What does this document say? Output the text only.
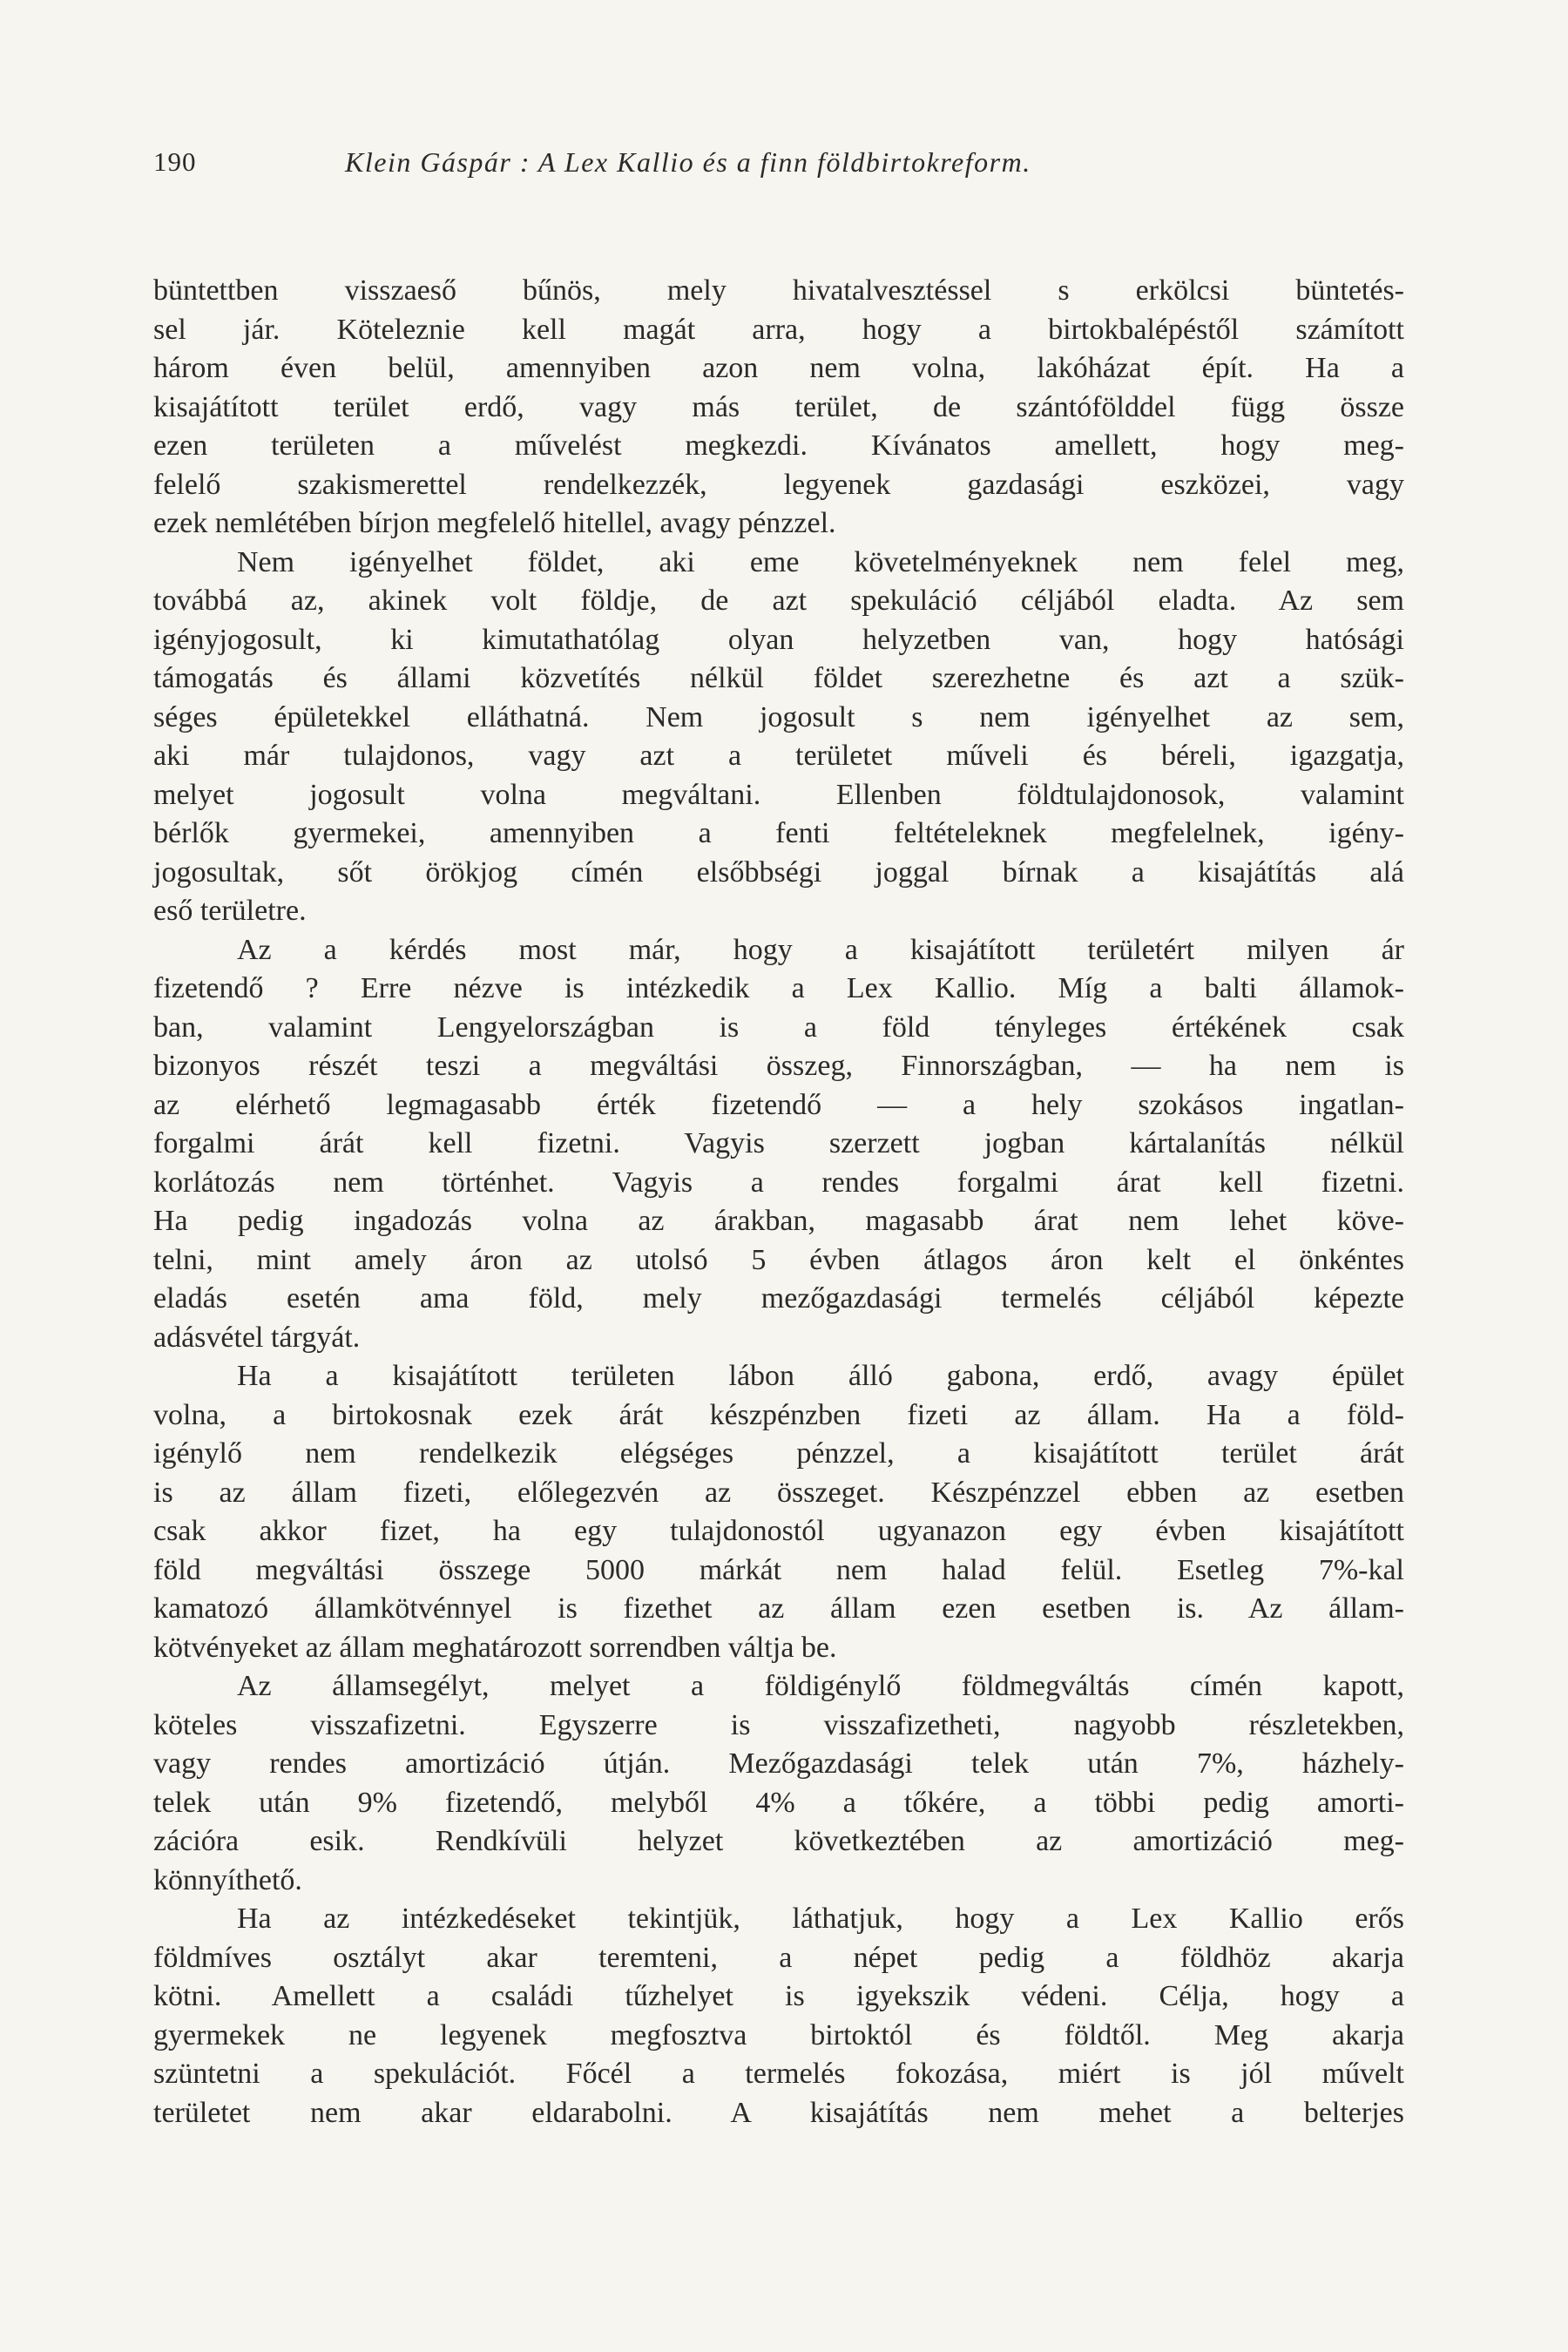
190	Klein Gáspár : A Lex Kallio és a finn földbirtokreform.
büntettben visszaeső bűnös, mely hivatalvesztéssel s erkölcsi büntetés-
sel jár. Köteleznie kell magát arra, hogy a birtokbalépéstől számított
három éven belül, amennyiben azon nem volna, lakóházat épít. Ha a
kisajátított terület erdő, vagy más terület, de szántófölddel függ össze
ezen területen a művelést megkezdi. Kívánatos amellett, hogy meg-
felelő szakismerettel rendelkezzék, legyenek gazdasági eszközei, vagy
ezek nemlétében bírjon megfelelő hitellel, avagy pénzzel.
Nem igényelhet földet, aki eme követelményeknek nem felel meg,
továbbá az, akinek volt földje, de azt spekuláció céljából eladta. Az sem
igényjogosult, ki kimutathatólag olyan helyzetben van, hogy hatósági
támogatás és állami közvetítés nélkül földet szerezhetne és azt a szük-
séges épületekkel elláthatná. Nem jogosult s nem igényelhet az sem,
aki már tulajdonos, vagy azt a területet műveli és béreli, igazgatja,
melyet jogosult volna megváltani. Ellenben földtulajdonosok, valamint
bérlők gyermekei, amennyiben a fenti feltételeknek megfelelnek, igény-
jogosultak, sőt örökjog címén elsőbbségi joggal bírnak a kisajátítás alá
eső területre.
Az a kérdés most már, hogy a kisajátított területért milyen ár
fizetendő ? Erre nézve is intézkedik a Lex Kallio. Míg a balti államok-
ban, valamint Lengyelországban is a föld tényleges értékének csak
bizonyos részét teszi a megváltási összeg, Finnországban, — ha nem is
az elérhető legmagasabb érték fizetendő — a hely szokásos ingatlan-
forgalmi árát kell fizetni. Vagyis szerzett jogban kártalanítás nélkül
korlátozás nem történhet. Vagyis a rendes forgalmi árat kell fizetni.
Ha pedig ingadozás volna az árakban, magasabb árat nem lehet köve-
telni, mint amely áron az utolsó 5 évben átlagos áron kelt el önkéntes
eladás esetén ama föld, mely mezőgazdasági termelés céljából képezte
adásvétel tárgyát.
Ha a kisajátított területen lábon álló gabona, erdő, avagy épület
volna, a birtokosnak ezek árát készpénzben fizeti az állam. Ha a föld-
igénylő nem rendelkezik elégséges pénzzel, a kisajátított terület árát
is az állam fizeti, előlegezvén az összeget. Készpénzzel ebben az esetben
csak akkor fizet, ha egy tulajdonostól ugyanazon egy évben kisajátított
föld megváltási összege 5000 márkát nem halad felül. Esetleg 7%-kal
kamatozó államkötvénnyel is fizethet az állam ezen esetben is. Az állam-
kötvényeket az állam meghatározott sorrendben váltja be.
Az államsegélyt, melyet a földigénylő földmegváltás címén kapott,
köteles visszafizetni. Egyszerre is visszafizetheti, nagyobb részletekben,
vagy rendes amortizáció útján. Mezőgazdasági telek után 7%, házhely-
telek után 9% fizetendő, melyből 4% a tőkére, a többi pedig amorti-
zációra esik. Rendkívüli helyzet következtében az amortizáció meg-
könnyíthető.
Ha az intézkedéseket tekintjük, láthatjuk, hogy a Lex Kallio erős
földmíves osztályt akar teremteni, a népet pedig a földhöz akarja
kötni. Amellett a családi tűzhelyet is igyekszik védeni. Célja, hogy a
gyermekek ne legyenek megfosztva birtoktól és földtől. Meg akarja
szüntetni a spekulációt. Főcél a termelés fokozása, miért is jól művelt
területet nem akar eldarabolni. A kisajátítás nem mehet a belterjes
